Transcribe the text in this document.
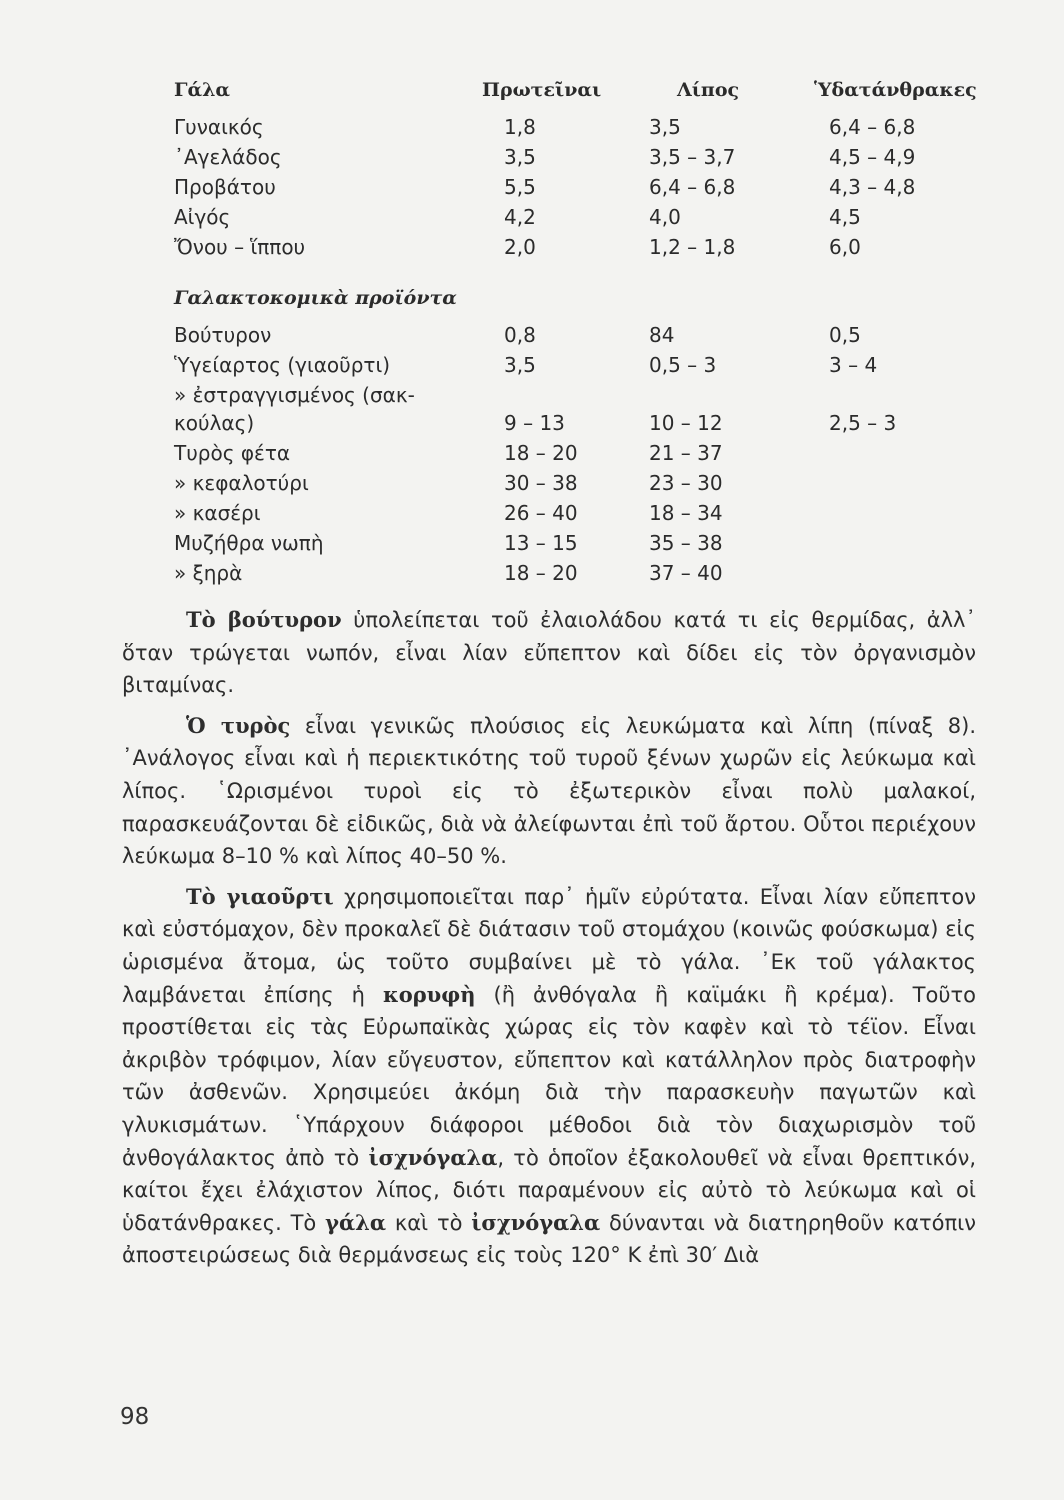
Γάλα	Πρωτεῖναι	Λίπος	Ὑδατάνθρακες
Γυναικός	1,8	3,5	6,4 – 6,8
᾿Αγελάδος	3,5	3,5 – 3,7	4,5 – 4,9
Προβάτου	5,5	6,4 – 6,8	4,3 – 4,8
Αἰγός	4,2	4,0	4,5
Ὄνου – ἵππου	2,0	1,2 – 1,8	6,0
Γαλακτοκομικὰ προϊόντα
Βούτυρον	0,8	84	0,5
Ὑγείαρτος (γιαοῦρτι)	3,5	0,5 – 3	3 – 4
» ἐστραγγισμένος (σακ-
κούλας)	9 – 13	10 – 12	2,5 – 3
Τυρὸς φέτα	18 – 20	21 – 37
» κεφαλοτύρι	30 – 38	23 – 30
» κασέρι	26 – 40	18 – 34
Μυζήθρα νωπὴ	13 – 15	35 – 38
» ξηρὰ	18 – 20	37 – 40

Τὸ βούτυρον ὑπολείπεται τοῦ ἐλαιολάδου κατά τι εἰς θερμίδας, ἀλλ᾿ ὅταν τρώγεται νωπόν, εἶναι λίαν εὔπεπτον καὶ δίδει εἰς τὸν ὀργανισμὸν βιταμίνας.

Ὁ τυρὸς εἶναι γενικῶς πλούσιος εἰς λευκώματα καὶ λίπη (πίναξ 8). ᾿Ανάλογος εἶναι καὶ ἡ περιεκτικότης τοῦ τυροῦ ξένων χωρῶν εἰς λεύκωμα καὶ λίπος. ῾Ωρισμένοι τυροὶ εἰς τὸ ἐξωτερικὸν εἶναι πολὺ μαλακοί, παρασκευάζονται δὲ εἰδικῶς, διὰ νὰ ἀλείφωνται ἐπὶ τοῦ ἄρτου. Οὗτοι περιέχουν λεύκωμα 8–10 % καὶ λίπος 40–50 %.

Τὸ γιαοῦρτι χρησιμοποιεῖται παρ᾿ ἡμῖν εὐρύτατα. Εἶναι λίαν εὔπεπτον καὶ εὐστόμαχον, δὲν προκαλεῖ δὲ διάτασιν τοῦ στομάχου (κοινῶς φούσκωμα) εἰς ὡρισμένα ἄτομα, ὡς τοῦτο συμβαίνει μὲ τὸ γάλα. ᾿Εκ τοῦ γάλακτος λαμβάνεται ἐπίσης ἡ κορυφὴ (ἢ ἀνθόγαλα ἢ καϊμάκι ἢ κρέμα). Τοῦτο προστίθεται εἰς τὰς Εὐρωπαϊκὰς χώρας εἰς τὸν καφὲν καὶ τὸ τέϊον. Εἶναι ἀκριβὸν τρόφιμον, λίαν εὔγευστον, εὔπεπτον καὶ κατάλληλον πρὸς διατροφὴν τῶν ἀσθενῶν. Χρησιμεύει ἀκόμη διὰ τὴν παρασκευὴν παγωτῶν καὶ γλυκισμάτων. ῾Υπάρχουν διάφοροι μέθοδοι διὰ τὸν διαχωρισμὸν τοῦ ἀνθογάλακτος ἀπὸ τὸ ἰσχνόγαλα, τὸ ὁποῖον ἐξακολουθεῖ νὰ εἶναι θρεπτικόν, καίτοι ἔχει ἐλάχιστον λίπος, διότι παραμένουν εἰς αὐτὸ τὸ λεύκωμα καὶ οἱ ὑδατάνθρακες. Τὸ γάλα καὶ τὸ ἰσχνόγαλα δύνανται νὰ διατηρηθοῦν κατόπιν ἀποστειρώσεως διὰ θερμάνσεως εἰς τοὺς 120° K ἐπὶ 30′ Διὰ

98
